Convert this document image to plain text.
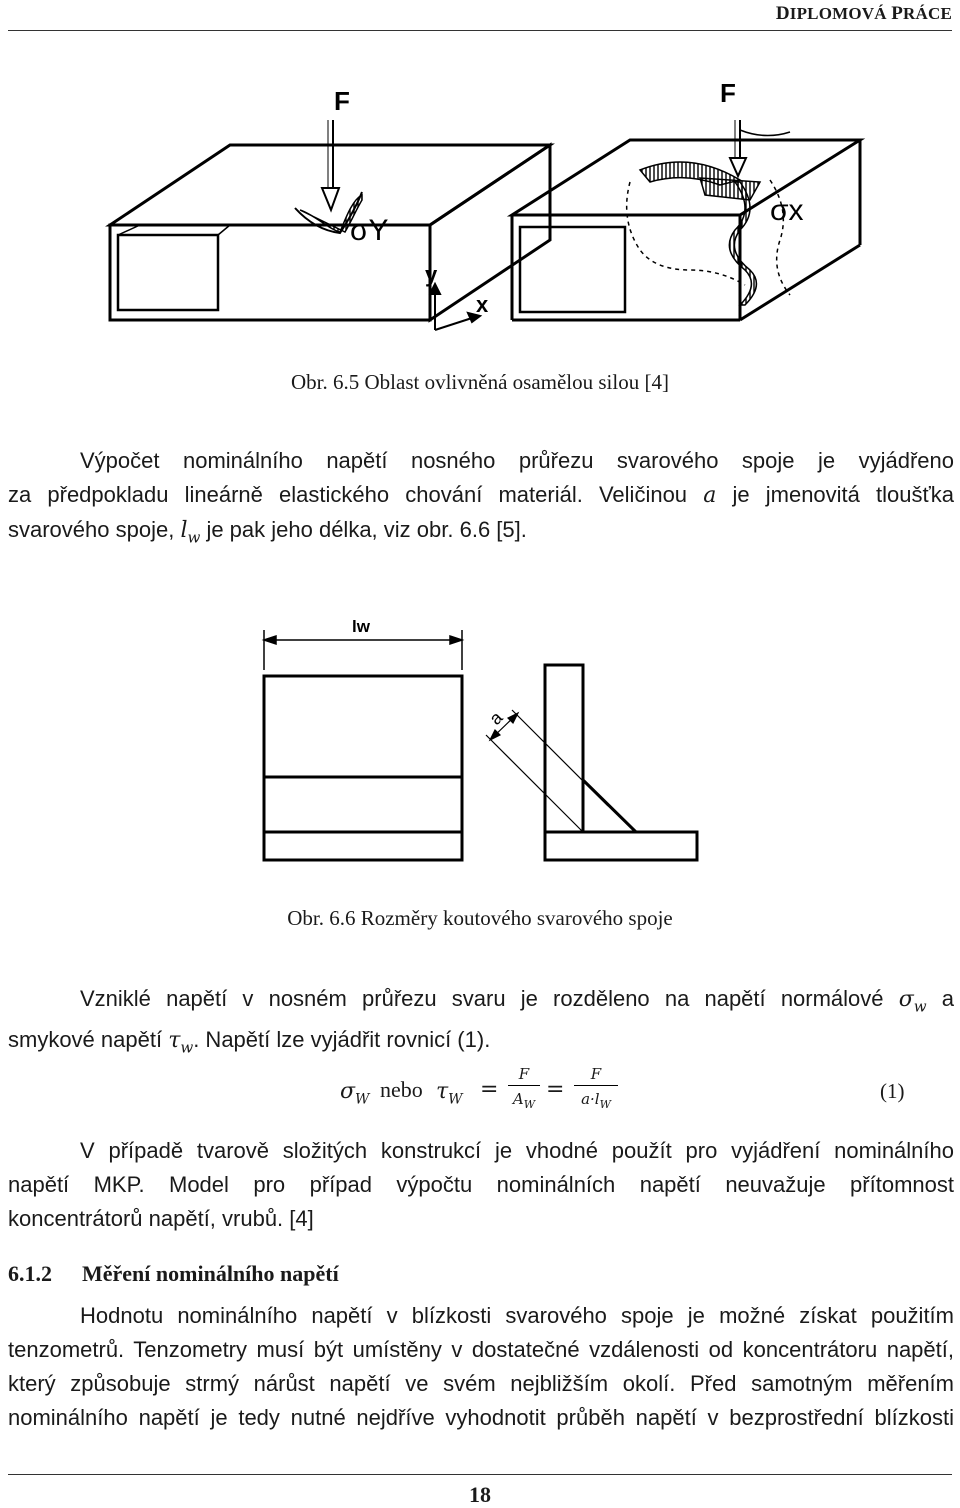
DIPLOMOVÁ PRÁCE
F
σY
y
x
F
σx
Obr. 6.5 Oblast ovlivněná osamělou silou [4]
Výpočet nominálního napětí nosného průřezu svarového spoje je vyjádřeno
za předpokladu lineárně elastického chování materiál. Veličinou a je jmenovitá tloušťka
svarového spoje, $l_w$ je pak jeho délka, viz obr. 6.6 [5].
lw
a
Obr. 6.6 Rozměry koutového svarového spoje
Vzniklé napětí v nosném průřezu svaru je rozděleno na napětí normálové $\sigma_w$ a
smykové napětí $\tau_w$. Napětí lze vyjádřit rovnicí (1).
$\sigma_W$ nebo $\tau_W = \frac{F}{A_W} = \frac{F}{a\cdot l_W}$	(1)
V případě tvarově složitých konstrukcí je vhodné použít pro vyjádření nominálního
napětí MKP. Model pro případ výpočtu nominálních napětí neuvažuje přítomnost
koncentrátorů napětí, vrubů. [4]
6.1.2 Měření nominálního napětí
Hodnotu nominálního napětí v blízkosti svarového spoje je možné získat použitím
tenzometrů. Tenzometry musí být umístěny v dostatečné vzdálenosti od koncentrátoru napětí,
který způsobuje strmý nárůst napětí ve svém nejbližším okolí. Před samotným měřením
nominálního napětí je tedy nutné nejdříve vyhodnotit průběh napětí v bezprostřední blízkosti
18
